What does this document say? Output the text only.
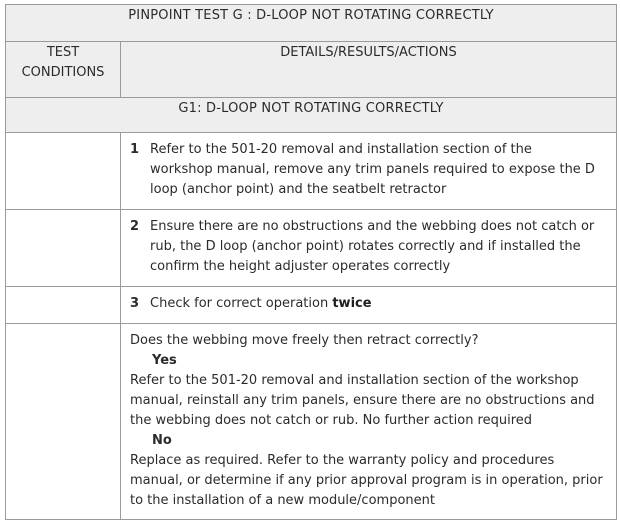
PINPOINT TEST G : D-LOOP NOT ROTATING CORRECTLY	

TEST
CONDITIONS	DETAILS/RESULTS/ACTIONS
G1: D-LOOP NOT ROTATING CORRECTLY	
	1 Refer to the 501-20 removal and installation section of the workshop manual, remove any trim panels required to expose the D loop (anchor point) and the seatbelt retractor
	2 Ensure there are no obstructions and the webbing does not catch or rub, the D loop (anchor point) rotates correctly and if installed the confirm the height adjuster operates correctly
	3 Check for correct operation twice

	Does the webbing move freely then retract correctly?
Yes
Refer to the 501-20 removal and installation section of the workshop manual, reinstall any trim panels, ensure there are no obstructions and the webbing does not catch or rub. No further action required
No
Replace as required. Refer to the warranty policy and procedures manual, or determine if any prior approval program is in operation, prior to the installation of a new module/component
